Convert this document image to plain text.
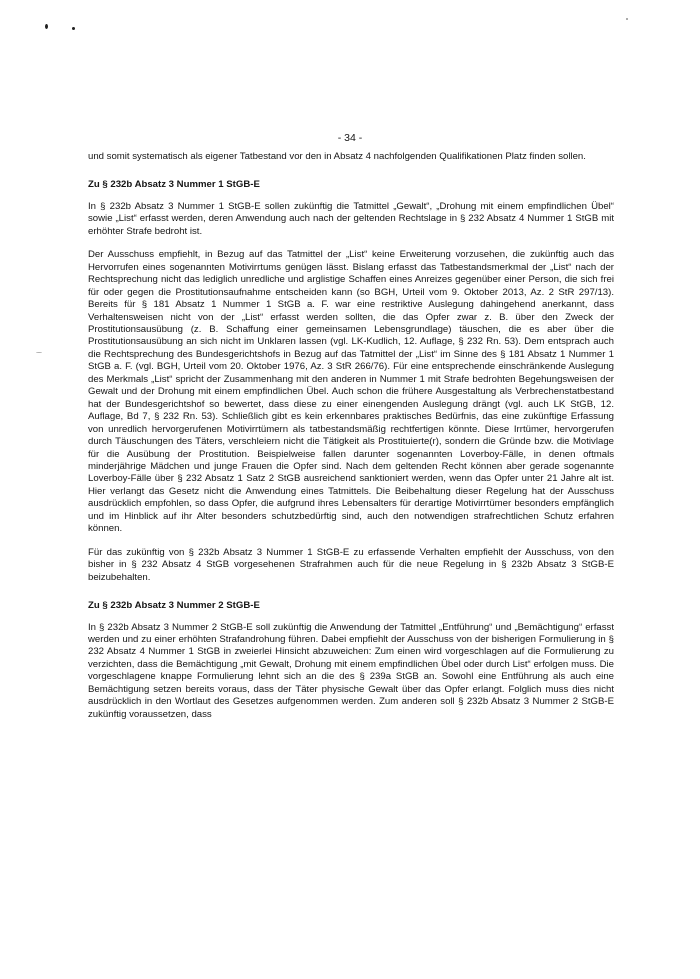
- 34 -

und somit systematisch als eigener Tatbestand vor den in Absatz 4 nachfolgenden Qualifikationen Platz finden sollen.

Zu § 232b Absatz 3 Nummer 1 StGB-E

In § 232b Absatz 3 Nummer 1 StGB-E sollen zukünftig die Tatmittel „Gewalt“, „Drohung mit einem empfindlichen Übel“ sowie „List“ erfasst werden, deren Anwendung auch nach der geltenden Rechtslage in § 232 Absatz 4 Nummer 1 StGB mit erhöhter Strafe bedroht ist.

Der Ausschuss empfiehlt, in Bezug auf das Tatmittel der „List“ keine Erweiterung vorzusehen, die zukünftig auch das Hervorrufen eines sogenannten Motivirrtums genügen lässt. Bislang erfasst das Tatbestandsmerkmal der „List“ nach der Rechtsprechung nicht das lediglich unredliche und arglistige Schaffen eines Anreizes gegenüber einer Person, die sich frei für oder gegen die Prostitutionsaufnahme entscheiden kann (so BGH, Urteil vom 9. Oktober 2013, Az. 2 StR 297/13). Bereits für § 181 Absatz 1 Nummer 1 StGB a. F. war eine restriktive Auslegung dahingehend anerkannt, dass Verhaltensweisen nicht von der „List“ erfasst werden sollten, die das Opfer zwar z. B. über den Zweck der Prostitutionsausübung (z. B. Schaffung einer gemeinsamen Lebensgrundlage) täuschen, die es aber über die Prostitutionsausübung an sich nicht im Unklaren lassen (vgl. LK-Kudlich, 12. Auflage, § 232 Rn. 53). Dem entsprach auch die Rechtsprechung des Bundesgerichtshofs in Bezug auf das Tatmittel der „List“ im Sinne des § 181 Absatz 1 Nummer 1 StGB a. F. (vgl. BGH, Urteil vom 20. Oktober 1976, Az. 3 StR 266/76). Für eine entsprechende einschränkende Auslegung des Merkmals „List“ spricht der Zusammenhang mit den anderen in Nummer 1 mit Strafe bedrohten Begehungsweisen der Gewalt und der Drohung mit einem empfindlichen Übel. Auch schon die frühere Ausgestaltung als Verbrechenstatbestand hat der Bundesgerichtshof so bewertet, dass diese zu einer einengenden Auslegung drängt (vgl. auch LK StGB, 12. Auflage, Bd 7, § 232 Rn. 53). Schließlich gibt es kein erkennbares praktisches Bedürfnis, das eine zukünftige Erfassung von unredlich hervorgerufenen Motivirrtümern als tatbestandsmäßig rechtfertigen könnte. Diese Irrtümer, hervorgerufen durch Täuschungen des Täters, verschleiern nicht die Tätigkeit als Prostituierte(r), sondern die Gründe bzw. die Motivlage für die Ausübung der Prostitution. Beispielweise fallen darunter sogenannten Loverboy-Fälle, in denen oftmals minderjährige Mädchen und junge Frauen die Opfer sind. Nach dem geltenden Recht können aber gerade sogenannte Loverboy-Fälle über § 232 Absatz 1 Satz 2 StGB ausreichend sanktioniert werden, wenn das Opfer unter 21 Jahre alt ist. Hier verlangt das Gesetz nicht die Anwendung eines Tatmittels. Die Beibehaltung dieser Regelung hat der Ausschuss ausdrücklich empfohlen, so dass Opfer, die aufgrund ihres Lebensalters für derartige Motivirrtümer besonders empfänglich und im Hinblick auf ihr Alter besonders schutzbedürftig sind, auch den notwendigen strafrechtlichen Schutz erfahren können.

Für das zukünftig von § 232b Absatz 3 Nummer 1 StGB-E zu erfassende Verhalten empfiehlt der Ausschuss, von den bisher in § 232 Absatz 4 StGB vorgesehenen Strafrahmen auch für die neue Regelung in § 232b Absatz 3 StGB-E beizubehalten.

Zu § 232b Absatz 3 Nummer 2 StGB-E

In § 232b Absatz 3 Nummer 2 StGB-E soll zukünftig die Anwendung der Tatmittel „Entführung“ und „Bemächtigung“ erfasst werden und zu einer erhöhten Strafandrohung führen. Dabei empfiehlt der Ausschuss von der bisherigen Formulierung in § 232 Absatz 4 Nummer 1 StGB in zweierlei Hinsicht abzuweichen: Zum einen wird vorgeschlagen auf die Formulierung zu verzichten, dass die Bemächtigung „mit Gewalt, Drohung mit einem empfindlichen Übel oder durch List“ erfolgen muss. Die vorgeschlagene knappe Formulierung lehnt sich an die des § 239a StGB an. Sowohl eine Entführung als auch eine Bemächtigung setzen bereits voraus, dass der Täter physische Gewalt über das Opfer erlangt. Folglich muss dies nicht ausdrücklich in den Wortlaut des Gesetzes aufgenommen werden. Zum anderen soll § 232b Absatz 3 Nummer 2 StGB-E zukünftig voraussetzen, dass
